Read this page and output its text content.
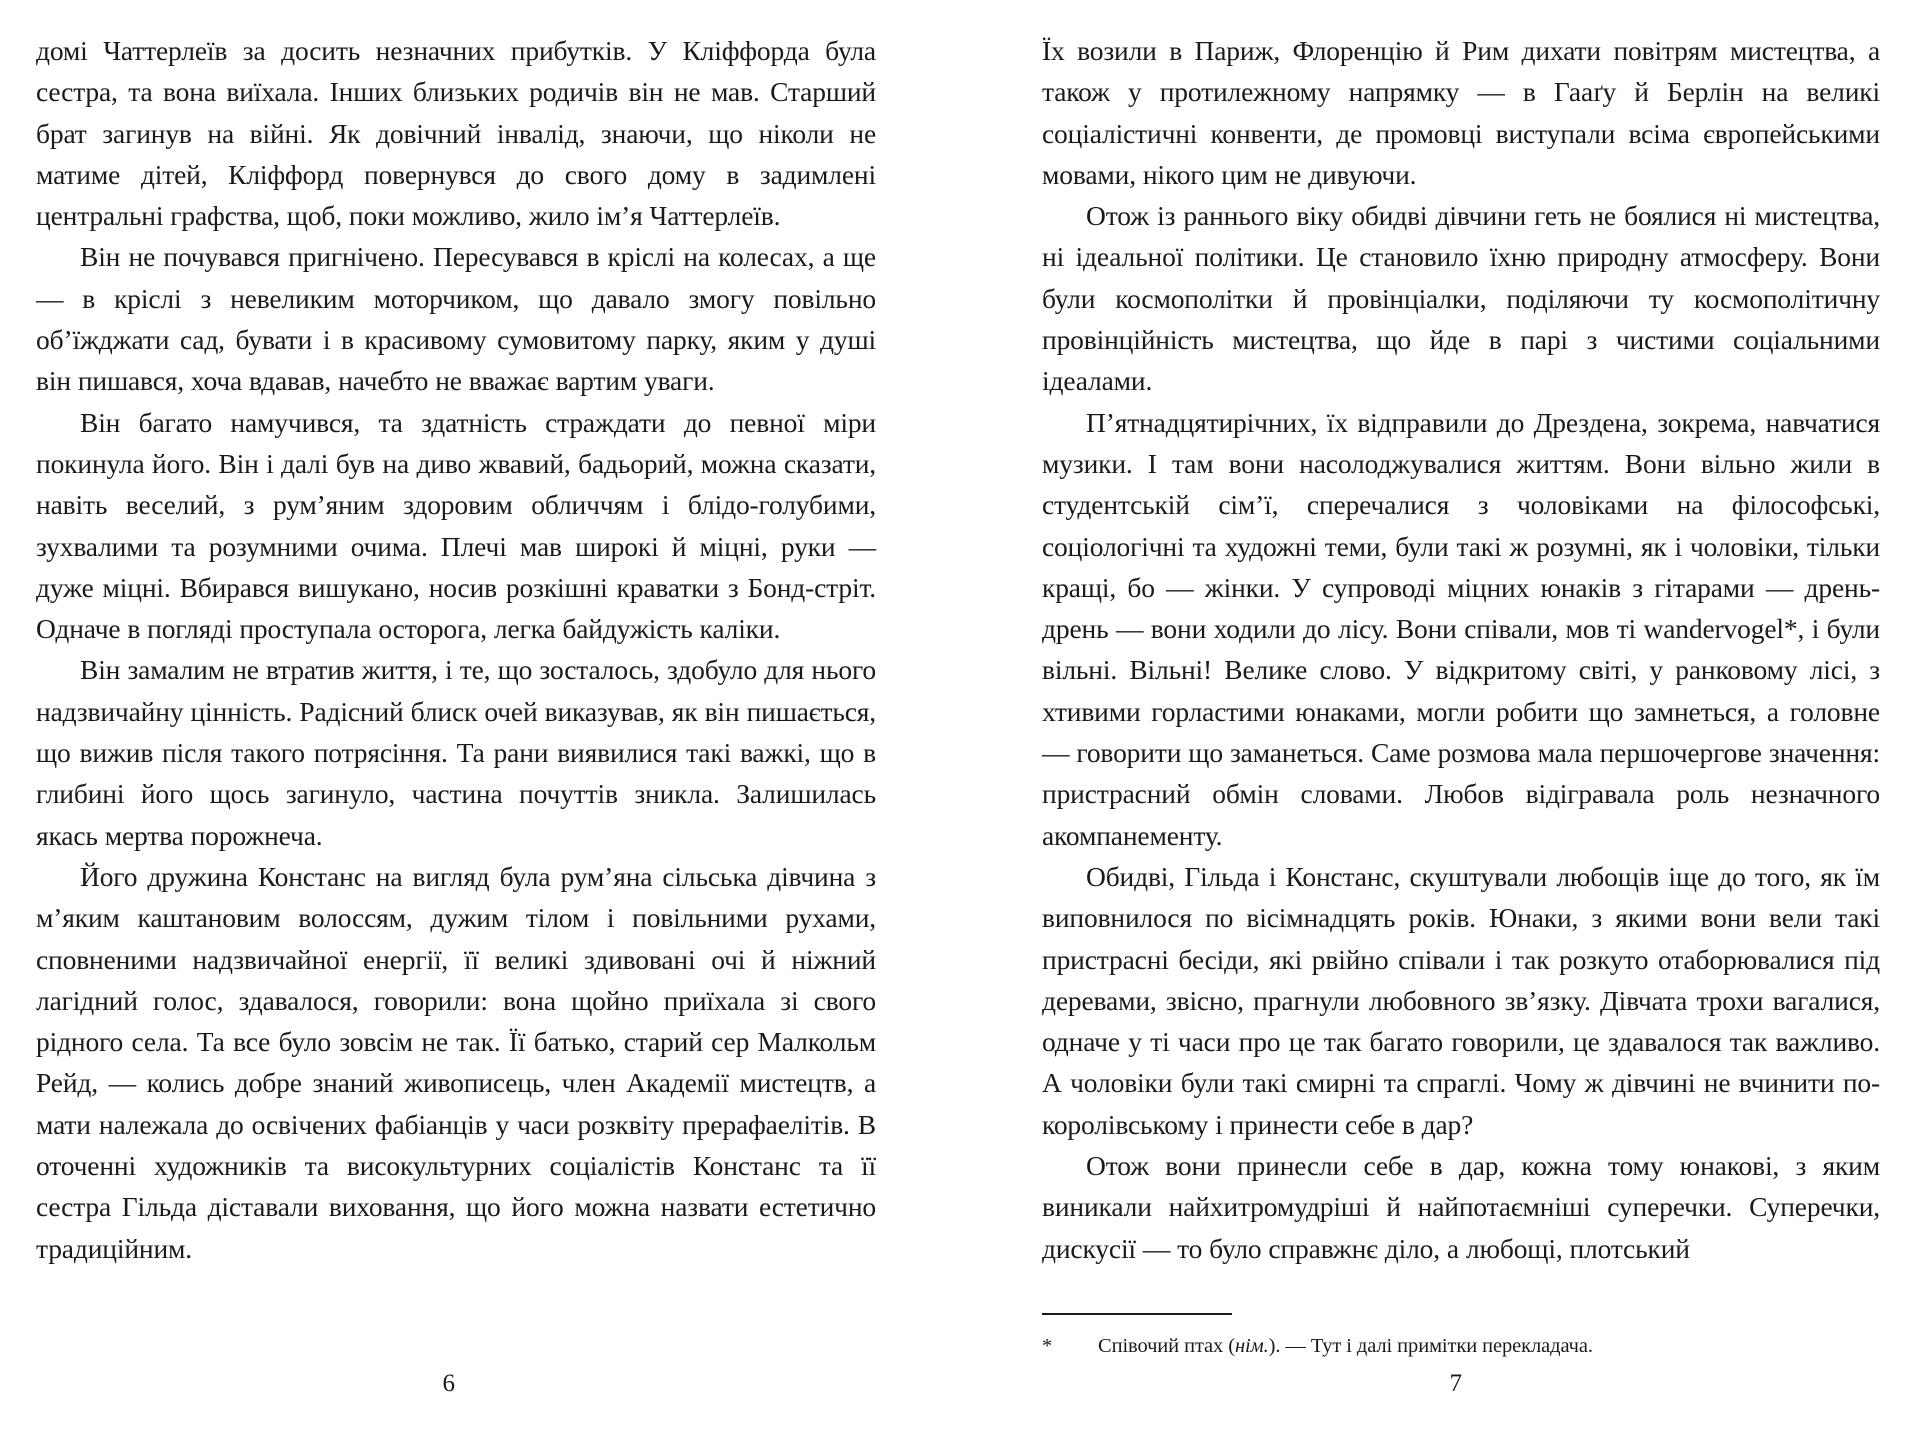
домі Чаттерлеїв за досить незначних прибутків. У Кліффорда була сестра, та вона виїхала. Інших близьких родичів він не мав. Старший брат загинув на війні. Як довічний інвалід, знаючи, що ніколи не матиме дітей, Кліффорд повернувся до свого дому в задимлені центральні графства, щоб, поки можливо, жило ім’я Чаттерлеїв.

Він не почувався пригнічено. Пересувався в кріслі на колесах, а ще — в кріслі з невеликим моторчиком, що давало змогу повільно об’їжджати сад, бувати і в красивому сумовитому парку, яким у душі він пишався, хоча вдавав, начебто не вважає вартим уваги.

Він багато намучився, та здатність страждати до певної міри покинула його. Він і далі був на диво жвавий, бадьорий, можна сказати, навіть веселий, з рум’яним здоровим обличчям і блідо-голубими, зухвалими та розумними очима. Плечі мав широкі й міцні, руки — дуже міцні. Вбирався вишукано, носив розкішні краватки з Бонд-стріт. Одначе в погляді проступала осторога, легка байдужість каліки.

Він замалим не втратив життя, і те, що зосталось, здобуло для нього надзвичайну цінність. Радісний блиск очей виказував, як він пишається, що вижив після такого потрясіння. Та рани виявилися такі важкі, що в глибині його щось загинуло, частина почуттів зникла. Залишилась якась мертва порожнеча.

Його дружина Констанс на вигляд була рум’яна сільська дівчина з м’яким каштановим волоссям, дужим тілом і повільними рухами, сповненими надзвичайної енергії, її великі здивовані очі й ніжний лагідний голос, здавалося, говорили: вона щойно приїхала зі свого рідного села. Та все було зовсім не так. Її батько, старий сер Малкольм Рейд, — колись добре знаний живописець, член Академії мистецтв, а мати належала до освічених фабіанців у часи розквіту прерафаелітів. В оточенні художників та високультурних соціалістів Констанс та її сестра Гільда діставали виховання, що його можна назвати естетично традиційним.

6

Їх возили в Париж, Флоренцію й Рим дихати повітрям мистецтва, а також у протилежному напрямку — в Гааґу й Берлін на великі соціалістичні конвенти, де промовці виступали всіма європейськими мовами, нікого цим не дивуючи.

Отож із раннього віку обидві дівчини геть не боялися ні мистецтва, ні ідеальної політики. Це становило їхню природну атмосферу. Вони були космополітки й провінціалки, поділяючи ту космополітичну провінційність мистецтва, що йде в парі з чистими соціальними ідеалами.

П’ятнадцятирічних, їх відправили до Дрездена, зокрема, навчатися музики. І там вони насолоджувалися життям. Вони вільно жили в студентській сім’ї, сперечалися з чоловіками на філософські, соціологічні та художні теми, були такі ж розумні, як і чоловіки, тільки кращі, бо — жінки. У супроводі міцних юнаків з гітарами — дрень-дрень — вони ходили до лісу. Вони співали, мов ті wandervogel*, і були вільні. Вільні! Велике слово. У відкритому світі, у ранковому лісі, з хтивими горластими юнаками, могли робити що замнеться, а головне — говорити що заманеться. Саме розмова мала першочергове значення: пристрасний обмін словами. Любов відігравала роль незначного акомпанементу.

Обидві, Гільда і Констанс, скуштували любощів іще до того, як їм виповнилося по вісімнадцять років. Юнаки, з якими вони вели такі пристрасні бесіди, які рвійно співали і так розкуто отаборювалися під деревами, звісно, прагнули любовного зв’язку. Дівчата трохи вагалися, одначе у ті часи про це так багато говорили, це здавалося так важливо. А чоловіки були такі смирні та спраглі. Чому ж дівчині не вчинити по-королівському і принести себе в дар?

Отож вони принесли себе в дар, кожна тому юнакові, з яким виникали найхитромудріші й найпотаємніші суперечки. Суперечки, дискусії — то було справжнє діло, а любощі, плотський

*	Співочий птах (нім.). — Тут і далі примітки перекладача.
7
